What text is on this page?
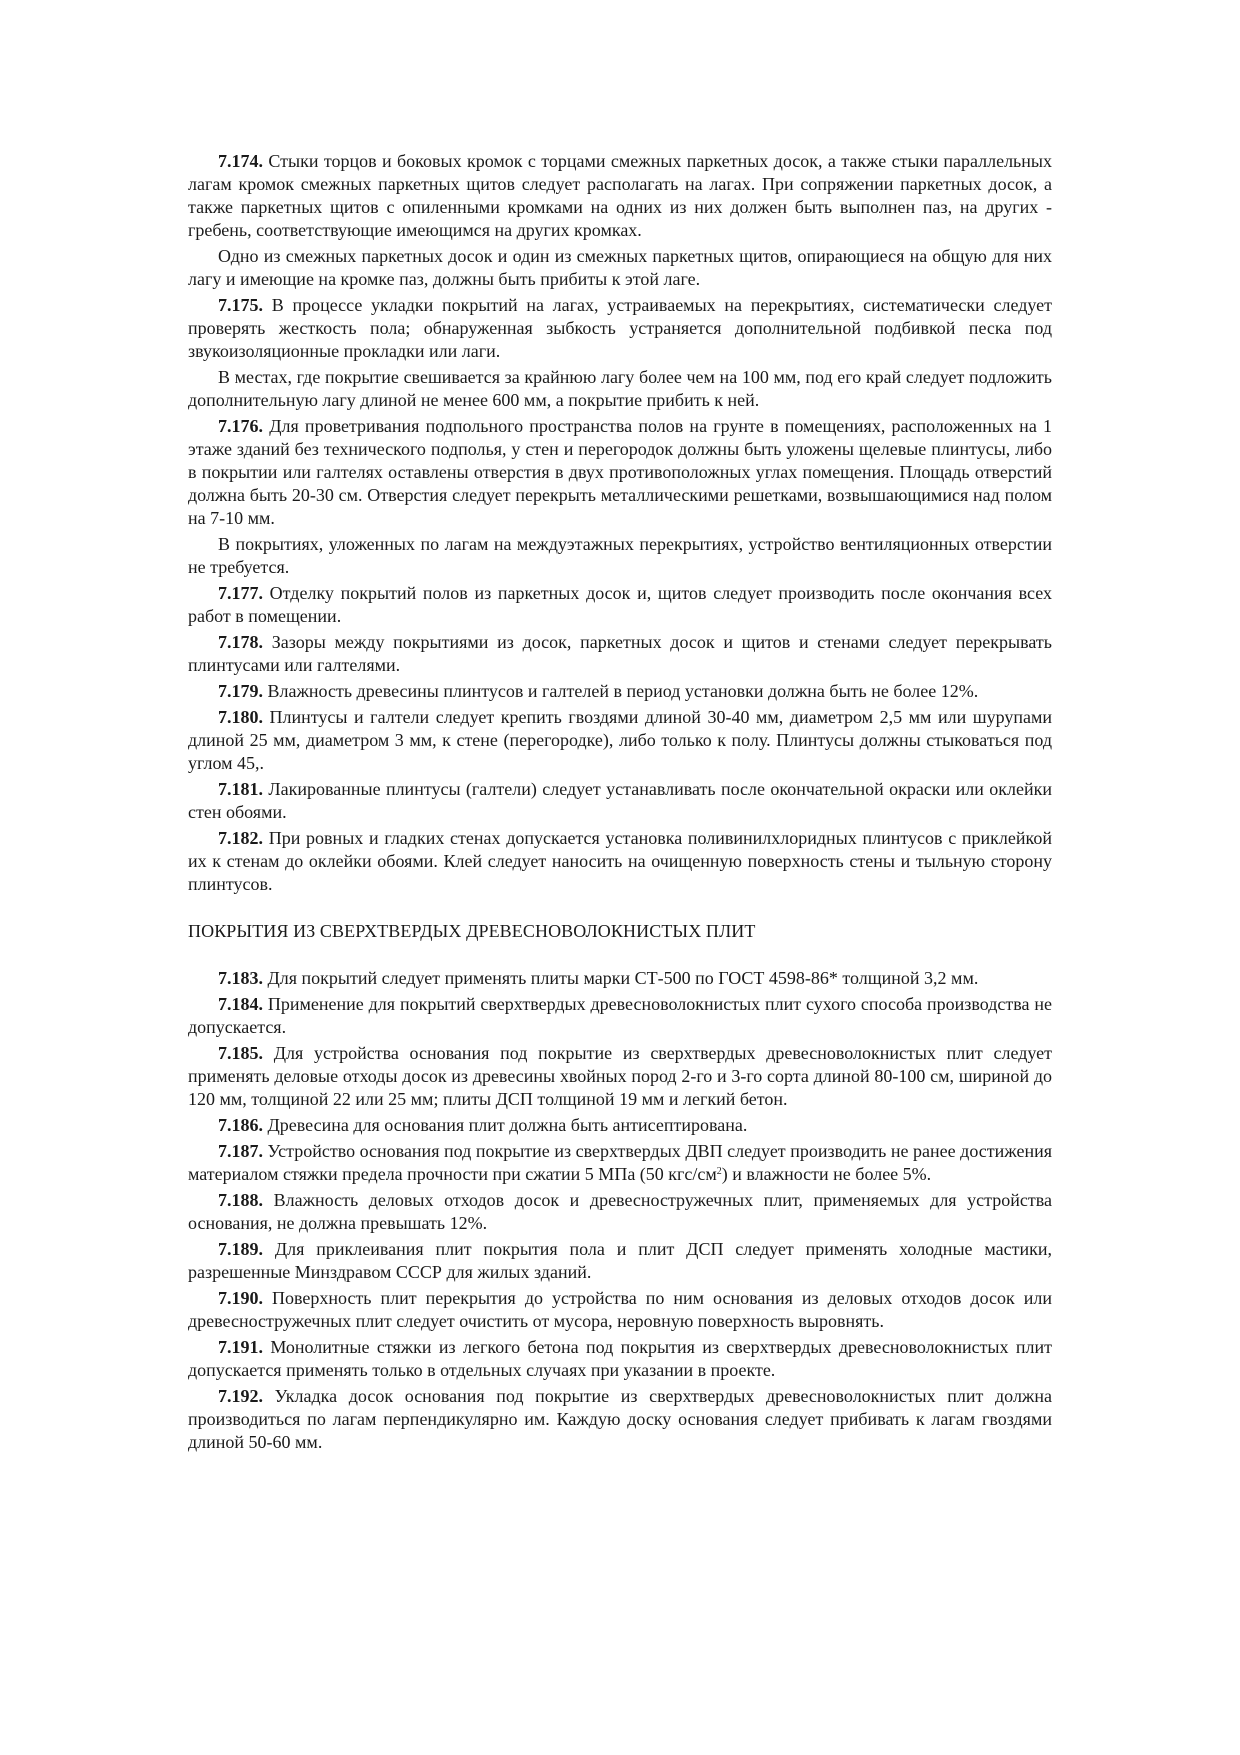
7.174. Стыки торцов и боковых кромок с торцами смежных паркетных досок, а также стыки параллельных лагам кромок смежных паркетных щитов следует располагать на лагах. При сопряжении паркетных досок, а также паркетных щитов с опиленными кромками на одних из них должен быть выполнен паз, на других - гребень, соответствующие имеющимся на других кромках.

Одно из смежных паркетных досок и один из смежных паркетных щитов, опирающиеся на общую для них лагу и имеющие на кромке паз, должны быть прибиты к этой лаге.

7.175. В процессе укладки покрытий на лагах, устраиваемых на перекрытиях, систематически следует проверять жесткость пола; обнаруженная зыбкость устраняется дополнительной подбивкой песка под звукоизоляционные прокладки или лаги.

В местах, где покрытие свешивается за крайнюю лагу более чем на 100 мм, под его край следует подложить дополнительную лагу длиной не менее 600 мм, а покрытие прибить к ней.

7.176. Для проветривания подпольного пространства полов на грунте в помещениях, расположенных на 1 этаже зданий без технического подполья, у стен и перегородок должны быть уложены щелевые плинтусы, либо в покрытии или галтелях оставлены отверстия в двух противоположных углах помещения. Площадь отверстий должна быть 20-30 см. Отверстия следует перекрыть металлическими решетками, возвышающимися над полом на 7-10 мм.

В покрытиях, уложенных по лагам на междуэтажных перекрытиях, устройство вентиляционных отверстии не требуется.

7.177. Отделку покрытий полов из паркетных досок и, щитов следует производить после окончания всех работ в помещении.

7.178. Зазоры между покрытиями из досок, паркетных досок и щитов и стенами следует перекрывать плинтусами или галтелями.

7.179. Влажность древесины плинтусов и галтелей в период установки должна быть не более 12%.

7.180. Плинтусы и галтели следует крепить гвоздями длиной 30-40 мм, диаметром 2,5 мм или шурупами длиной 25 мм, диаметром 3 мм, к стене (перегородке), либо только к полу. Плинтусы должны стыковаться под углом 45,.

7.181. Лакированные плинтусы (галтели) следует устанавливать после окончательной окраски или оклейки стен обоями.

7.182. При ровных и гладких стенах допускается установка поливинилхлоридных плинтусов с приклейкой их к стенам до оклейки обоями. Клей следует наносить на очищенную поверхность стены и тыльную сторону плинтусов.

ПОКРЫТИЯ ИЗ СВЕРХТВЕРДЫХ ДРЕВЕСНОВОЛОКНИСТЫХ ПЛИТ

7.183. Для покрытий следует применять плиты марки СТ-500 по ГОСТ 4598-86* толщиной 3,2 мм.

7.184. Применение для покрытий сверхтвердых древесноволокнистых плит сухого способа производства не допускается.

7.185. Для устройства основания под покрытие из сверхтвердых древесноволокнистых плит следует применять деловые отходы досок из древесины хвойных пород 2-го и 3-го сорта длиной 80-100 см, шириной до 120 мм, толщиной 22 или 25 мм; плиты ДСП толщиной 19 мм и легкий бетон.

7.186. Древесина для основания плит должна быть антисептирована.

7.187. Устройство основания под покрытие из сверхтвердых ДВП следует производить не ранее достижения материалом стяжки предела прочности при сжатии 5 МПа (50 кгс/$см^2$) и влажности не более 5%.

7.188. Влажность деловых отходов досок и древесностружечных плит, применяемых для устройства основания, не должна превышать 12%.

7.189. Для приклеивания плит покрытия пола и плит ДСП следует применять холодные мастики, разрешенные Минздравом СССР для жилых зданий.

7.190. Поверхность плит перекрытия до устройства по ним основания из деловых отходов досок или древесностружечных плит следует очистить от мусора, неровную поверхность выровнять.

7.191. Монолитные стяжки из легкого бетона под покрытия из сверхтвердых древесноволокнистых плит допускается применять только в отдельных случаях при указании в проекте.

7.192. Укладка досок основания под покрытие из сверхтвердых древесноволокнистых плит должна производиться по лагам перпендикулярно им. Каждую доску основания следует прибивать к лагам гвоздями длиной 50-60 мм.
